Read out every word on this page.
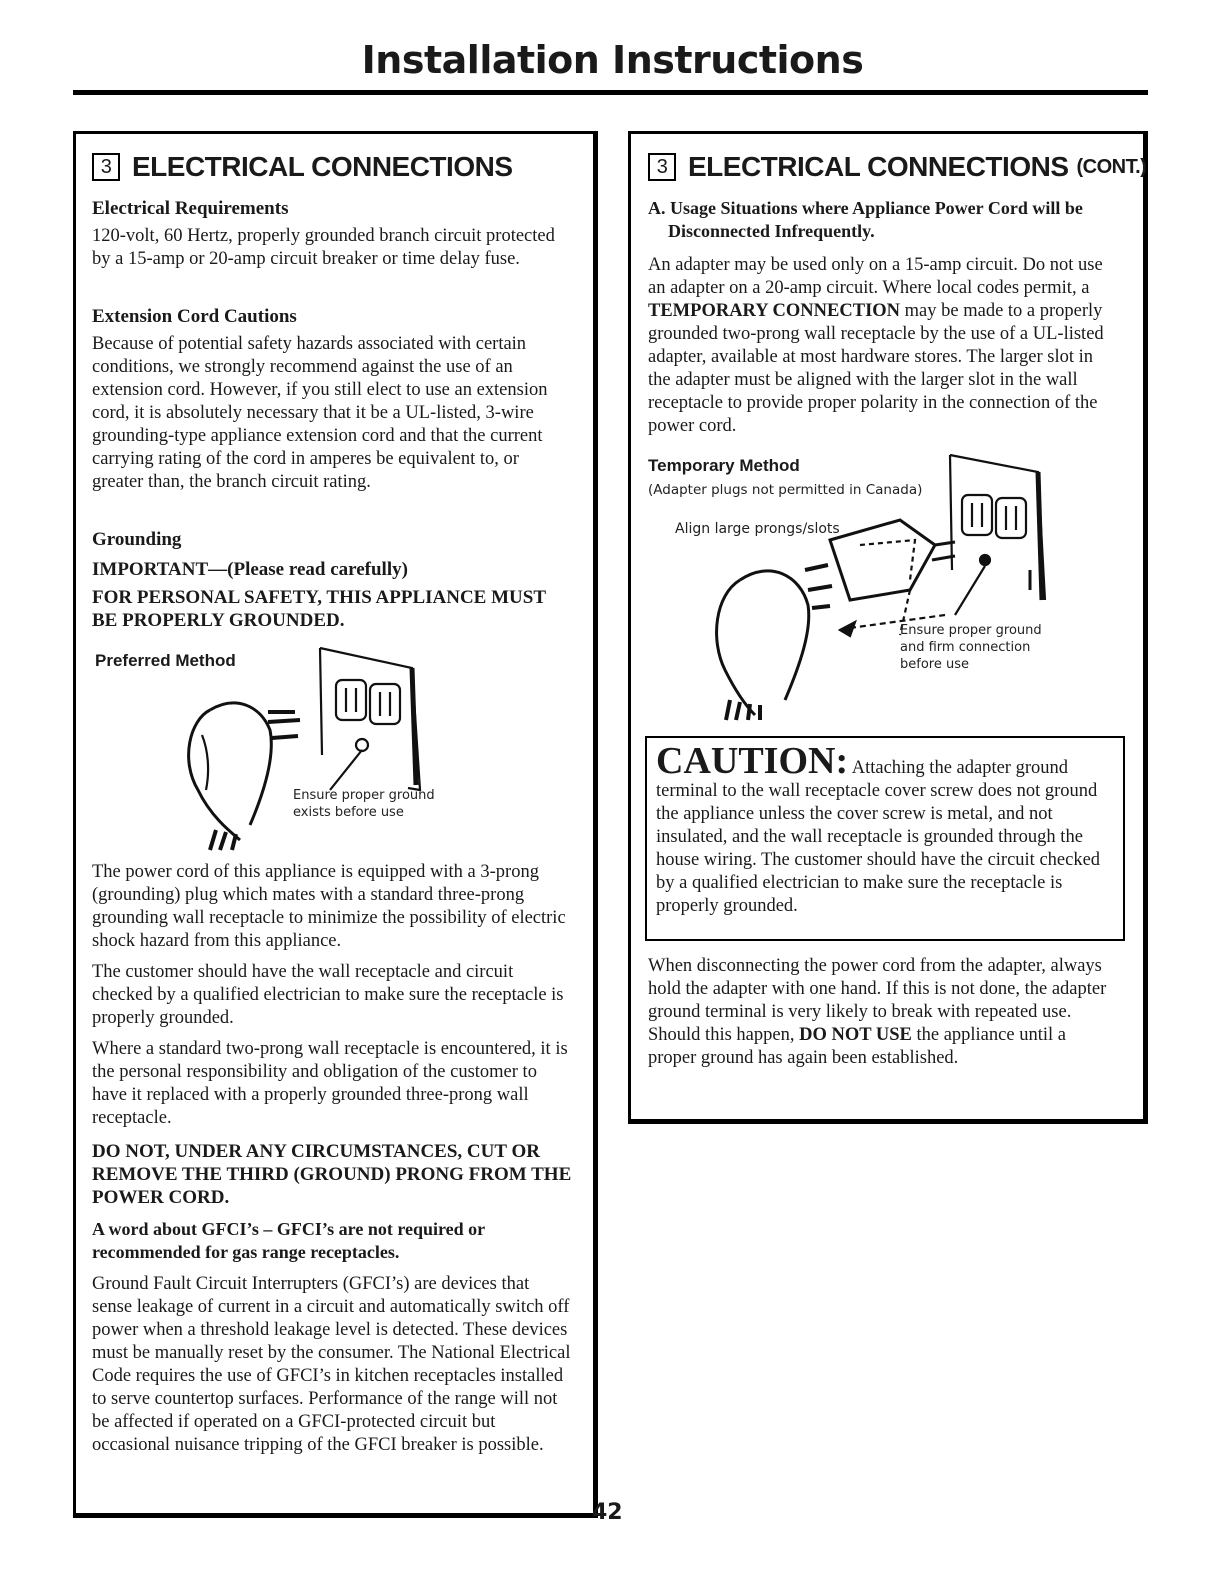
Installation Instructions
3 ELECTRICAL CONNECTIONS

Electrical Requirements

120-volt, 60 Hertz, properly grounded branch circuit protected by a 15-amp or 20-amp circuit breaker or time delay fuse.

Extension Cord Cautions

Because of potential safety hazards associated with certain conditions, we strongly recommend against the use of an extension cord. However, if you still elect to use an extension cord, it is absolutely necessary that it be a UL-listed, 3-wire grounding-type appliance extension cord and that the current carrying rating of the cord in amperes be equivalent to, or greater than, the branch circuit rating.

Grounding

IMPORTANT—(Please read carefully)

FOR PERSONAL SAFETY, THIS APPLIANCE MUST BE PROPERLY GROUNDED.

Preferred Method

Ensure proper ground exists before use

The power cord of this appliance is equipped with a 3-prong (grounding) plug which mates with a standard three-prong grounding wall receptacle to minimize the possibility of electric shock hazard from this appliance.

The customer should have the wall receptacle and circuit checked by a qualified electrician to make sure the receptacle is properly grounded.

Where a standard two-prong wall receptacle is encountered, it is the personal responsibility and obligation of the customer to have it replaced with a properly grounded three-prong wall receptacle.

DO NOT, UNDER ANY CIRCUMSTANCES, CUT OR REMOVE THE THIRD (GROUND) PRONG FROM THE POWER CORD.

A word about GFCI’s – GFCI’s are not required or recommended for gas range receptacles.

Ground Fault Circuit Interrupters (GFCI’s) are devices that sense leakage of current in a circuit and automatically switch off power when a threshold leakage level is detected. These devices must be manually reset by the consumer. The National Electrical Code requires the use of GFCI’s in kitchen receptacles installed to serve countertop surfaces. Performance of the range will not be affected if operated on a GFCI-protected circuit but occasional nuisance tripping of the GFCI breaker is possible.

3 ELECTRICAL CONNECTIONS (CONT.)

A. Usage Situations where Appliance Power Cord will be Disconnected Infrequently.

An adapter may be used only on a 15-amp circuit. Do not use an adapter on a 20-amp circuit. Where local codes permit, a TEMPORARY CONNECTION may be made to a properly grounded two-prong wall receptacle by the use of a UL-listed adapter, available at most hardware stores. The larger slot in the adapter must be aligned with the larger slot in the wall receptacle to provide proper polarity in the connection of the power cord.

Temporary Method

(Adapter plugs not permitted in Canada)

Align large prongs/slots

Ensure proper ground and firm connection before use

CAUTION: Attaching the adapter ground terminal to the wall receptacle cover screw does not ground the appliance unless the cover screw is metal, and not insulated, and the wall receptacle is grounded through the house wiring. The customer should have the circuit checked by a qualified electrician to make sure the receptacle is properly grounded.

When disconnecting the power cord from the adapter, always hold the adapter with one hand. If this is not done, the adapter ground terminal is very likely to break with repeated use. Should this happen, DO NOT USE the appliance until a proper ground has again been established.

42
